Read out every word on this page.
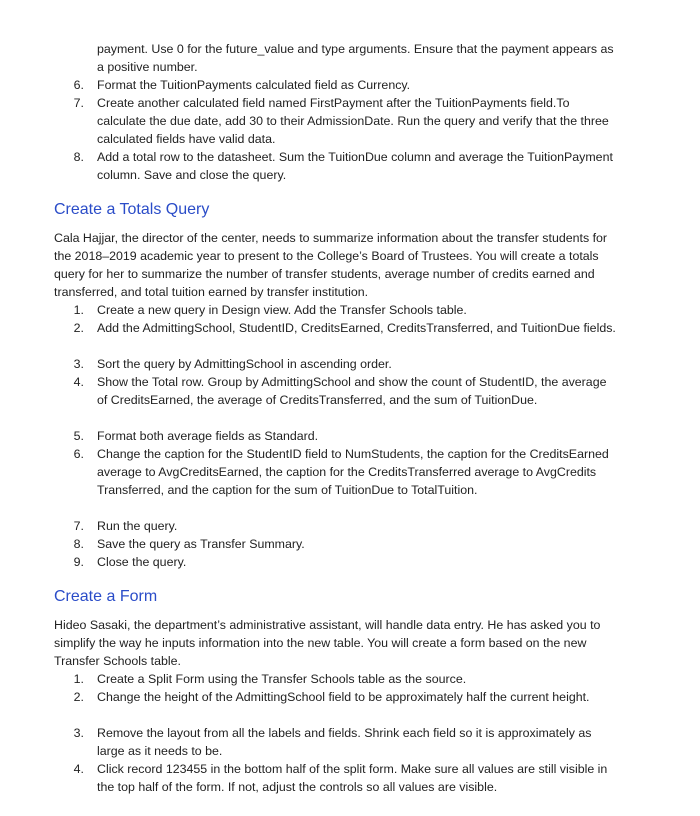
payment. Use 0 for the future_value and type arguments. Ensure that the payment appears as a positive number.

6. Format the TuitionPayments calculated field as Currency.
7. Create another calculated field named FirstPayment after the TuitionPayments field.To calculate the due date, add 30 to their AdmissionDate. Run the query and verify that the three calculated fields have valid data.
8. Add a total row to the datasheet. Sum the TuitionDue column and average the TuitionPayment column. Save and close the query.
Create a Totals Query

Cala Hajjar, the director of the center, needs to summarize information about the transfer students for the 2018–2019 academic year to present to the College’s Board of Trustees. You will create a totals query for her to summarize the number of transfer students, average number of credits earned and transferred, and total tuition earned by transfer institution.

1. Create a new query in Design view. Add the Transfer Schools table.
2. Add the AdmittingSchool, StudentID, CreditsEarned, CreditsTransferred, and TuitionDue fields.
3. Sort the query by AdmittingSchool in ascending order.
4. Show the Total row. Group by AdmittingSchool and show the count of StudentID, the average of CreditsEarned, the average of CreditsTransferred, and the sum of TuitionDue.
5. Format both average fields as Standard.
6. Change the caption for the StudentID field to NumStudents, the caption for the CreditsEarned average to AvgCreditsEarned, the caption for the CreditsTransferred average to AvgCredits Transferred, and the caption for the sum of TuitionDue to TotalTuition.
7. Run the query.
8. Save the query as Transfer Summary.
9. Close the query.
Create a Form

Hideo Sasaki, the department’s administrative assistant, will handle data entry. He has asked you to simplify the way he inputs information into the new table. You will create a form based on the new Transfer Schools table.

1. Create a Split Form using the Transfer Schools table as the source.
2. Change the height of the AdmittingSchool field to be approximately half the current height.
3. Remove the layout from all the labels and fields. Shrink each field so it is approximately as large as it needs to be.
4. Click record 123455 in the bottom half of the split form. Make sure all values are still visible in the top half of the form. If not, adjust the controls so all values are visible.
